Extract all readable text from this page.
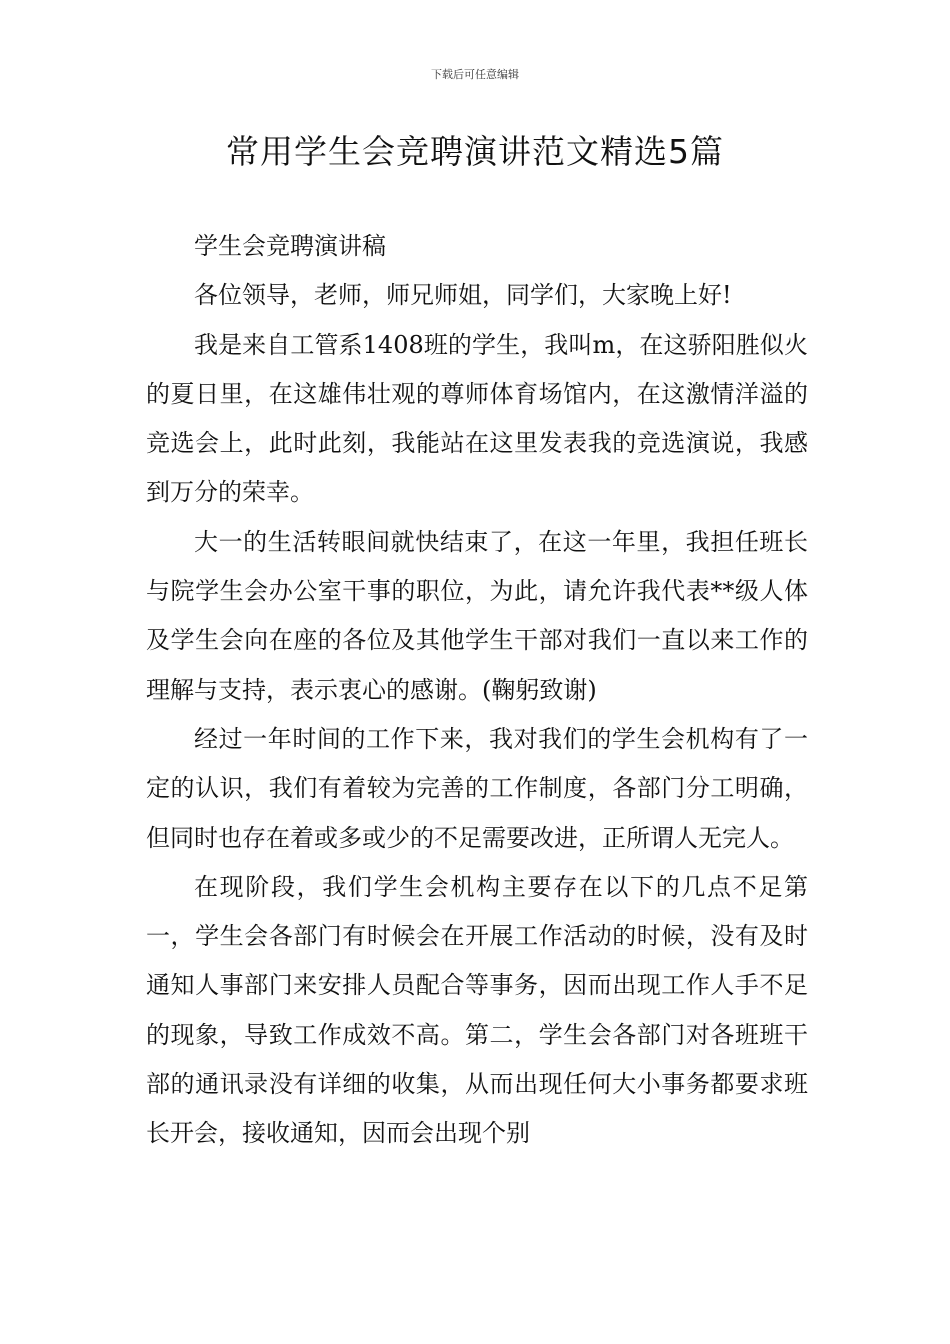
下载后可任意编辑
常用学生会竞聘演讲范文精选5篇

学生会竞聘演讲稿

各位领导，老师，师兄师姐，同学们，大家晚上好!

我是来自工管系1408班的学生，我叫m，在这骄阳胜似火的夏日里，在这雄伟壮观的尊师体育场馆内，在这激情洋溢的竞选会上，此时此刻，我能站在这里发表我的竞选演说，我感到万分的荣幸。

大一的生活转眼间就快结束了，在这一年里，我担任班长与院学生会办公室干事的职位，为此，请允许我代表**级人体及学生会向在座的各位及其他学生干部对我们一直以来工作的理解与支持，表示衷心的感谢。(鞠躬致谢)

经过一年时间的工作下来，我对我们的学生会机构有了一定的认识，我们有着较为完善的工作制度，各部门分工明确，但同时也存在着或多或少的不足需要改进，正所谓人无完人。

在现阶段，我们学生会机构主要存在以下的几点不足第一，学生会各部门有时候会在开展工作活动的时候，没有及时通知人事部门来安排人员配合等事务，因而出现工作人手不足的现象，导致工作成效不高。第二，学生会各部门对各班班干部的通讯录没有详细的收集，从而出现任何大小事务都要求班长开会，接收通知，因而会出现个别
